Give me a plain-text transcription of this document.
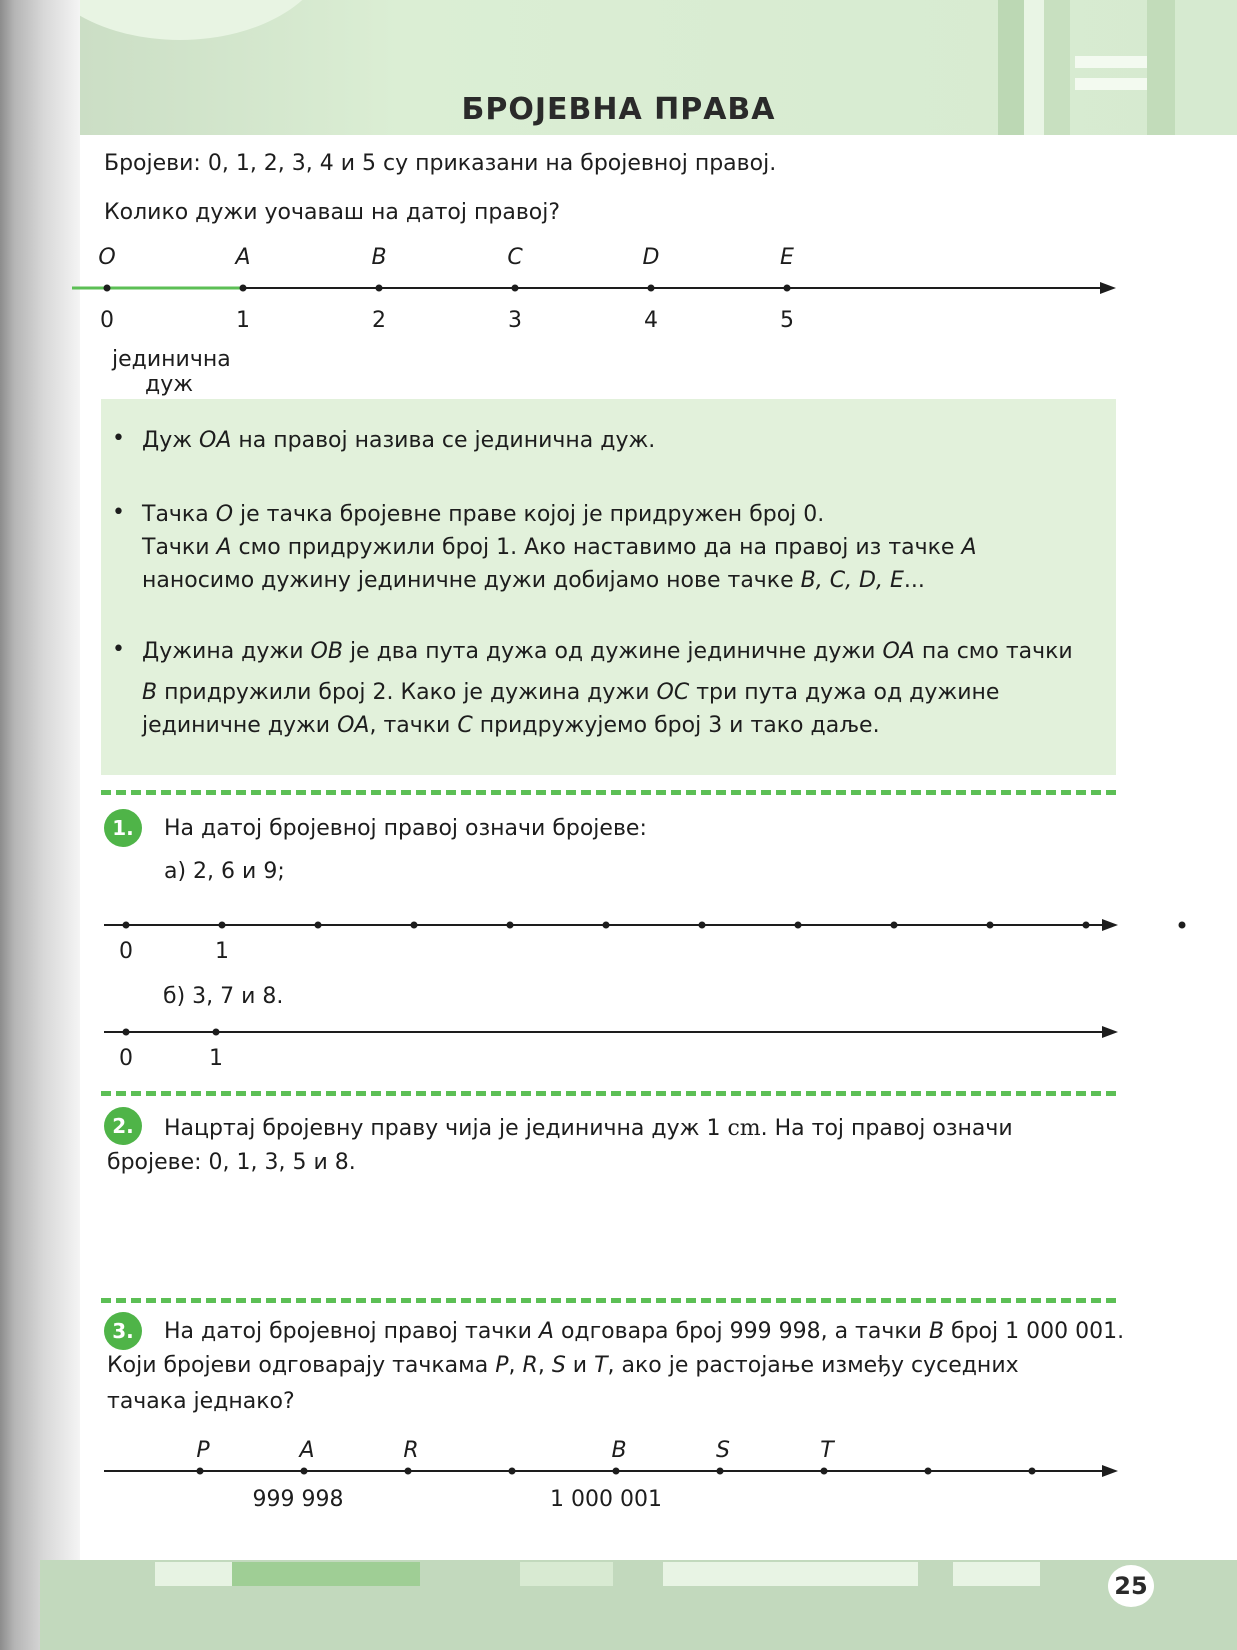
БРОЈЕВНА ПРАВА
Бројеви: 0, 1, 2, 3, 4 и 5 су приказани на бројевној правој.
Колико дужи уочаваш на датој правој?
O
0
A
1
B
2
C
3
D
4
E
5
јединична
дуж
• Дуж OA на правој назива се јединична дуж.
• Тачка O је тачка бројевне праве којој је придружен број 0.
Тачки A смо придружили број 1. Ако наставимо да на правој из тачке A
наносимо дужину јединичне дужи добијамо нове тачке B, C, D, E...
• Дужина дужи OB је два пута дужа од дужине јединичне дужи OA па смо тачки
B придружили број 2. Како је дужина дужи OC три пута дужа од дужине
јединичне дужи OA, тачки C придружујемо број 3 и тако даље.
1.	На датој бројевној правој означи бројеве:
а) 2, 6 и 9;
0	1
б) 3, 7 и 8.
0	1
2.	Нацртај бројевну праву чија је јединична дуж 1 cm. На тој правој означи
бројеве: 0, 1, 3, 5 и 8.
3.	На датој бројевној правој тачки A одговара број 999 998, а тачки B број 1 000 001.
Који бројеви одговарају тачкама P, R, S и T, ако је растојање између суседних
тачака једнако?
P	A	R	B	S	T
999 998	1 000 001
25
